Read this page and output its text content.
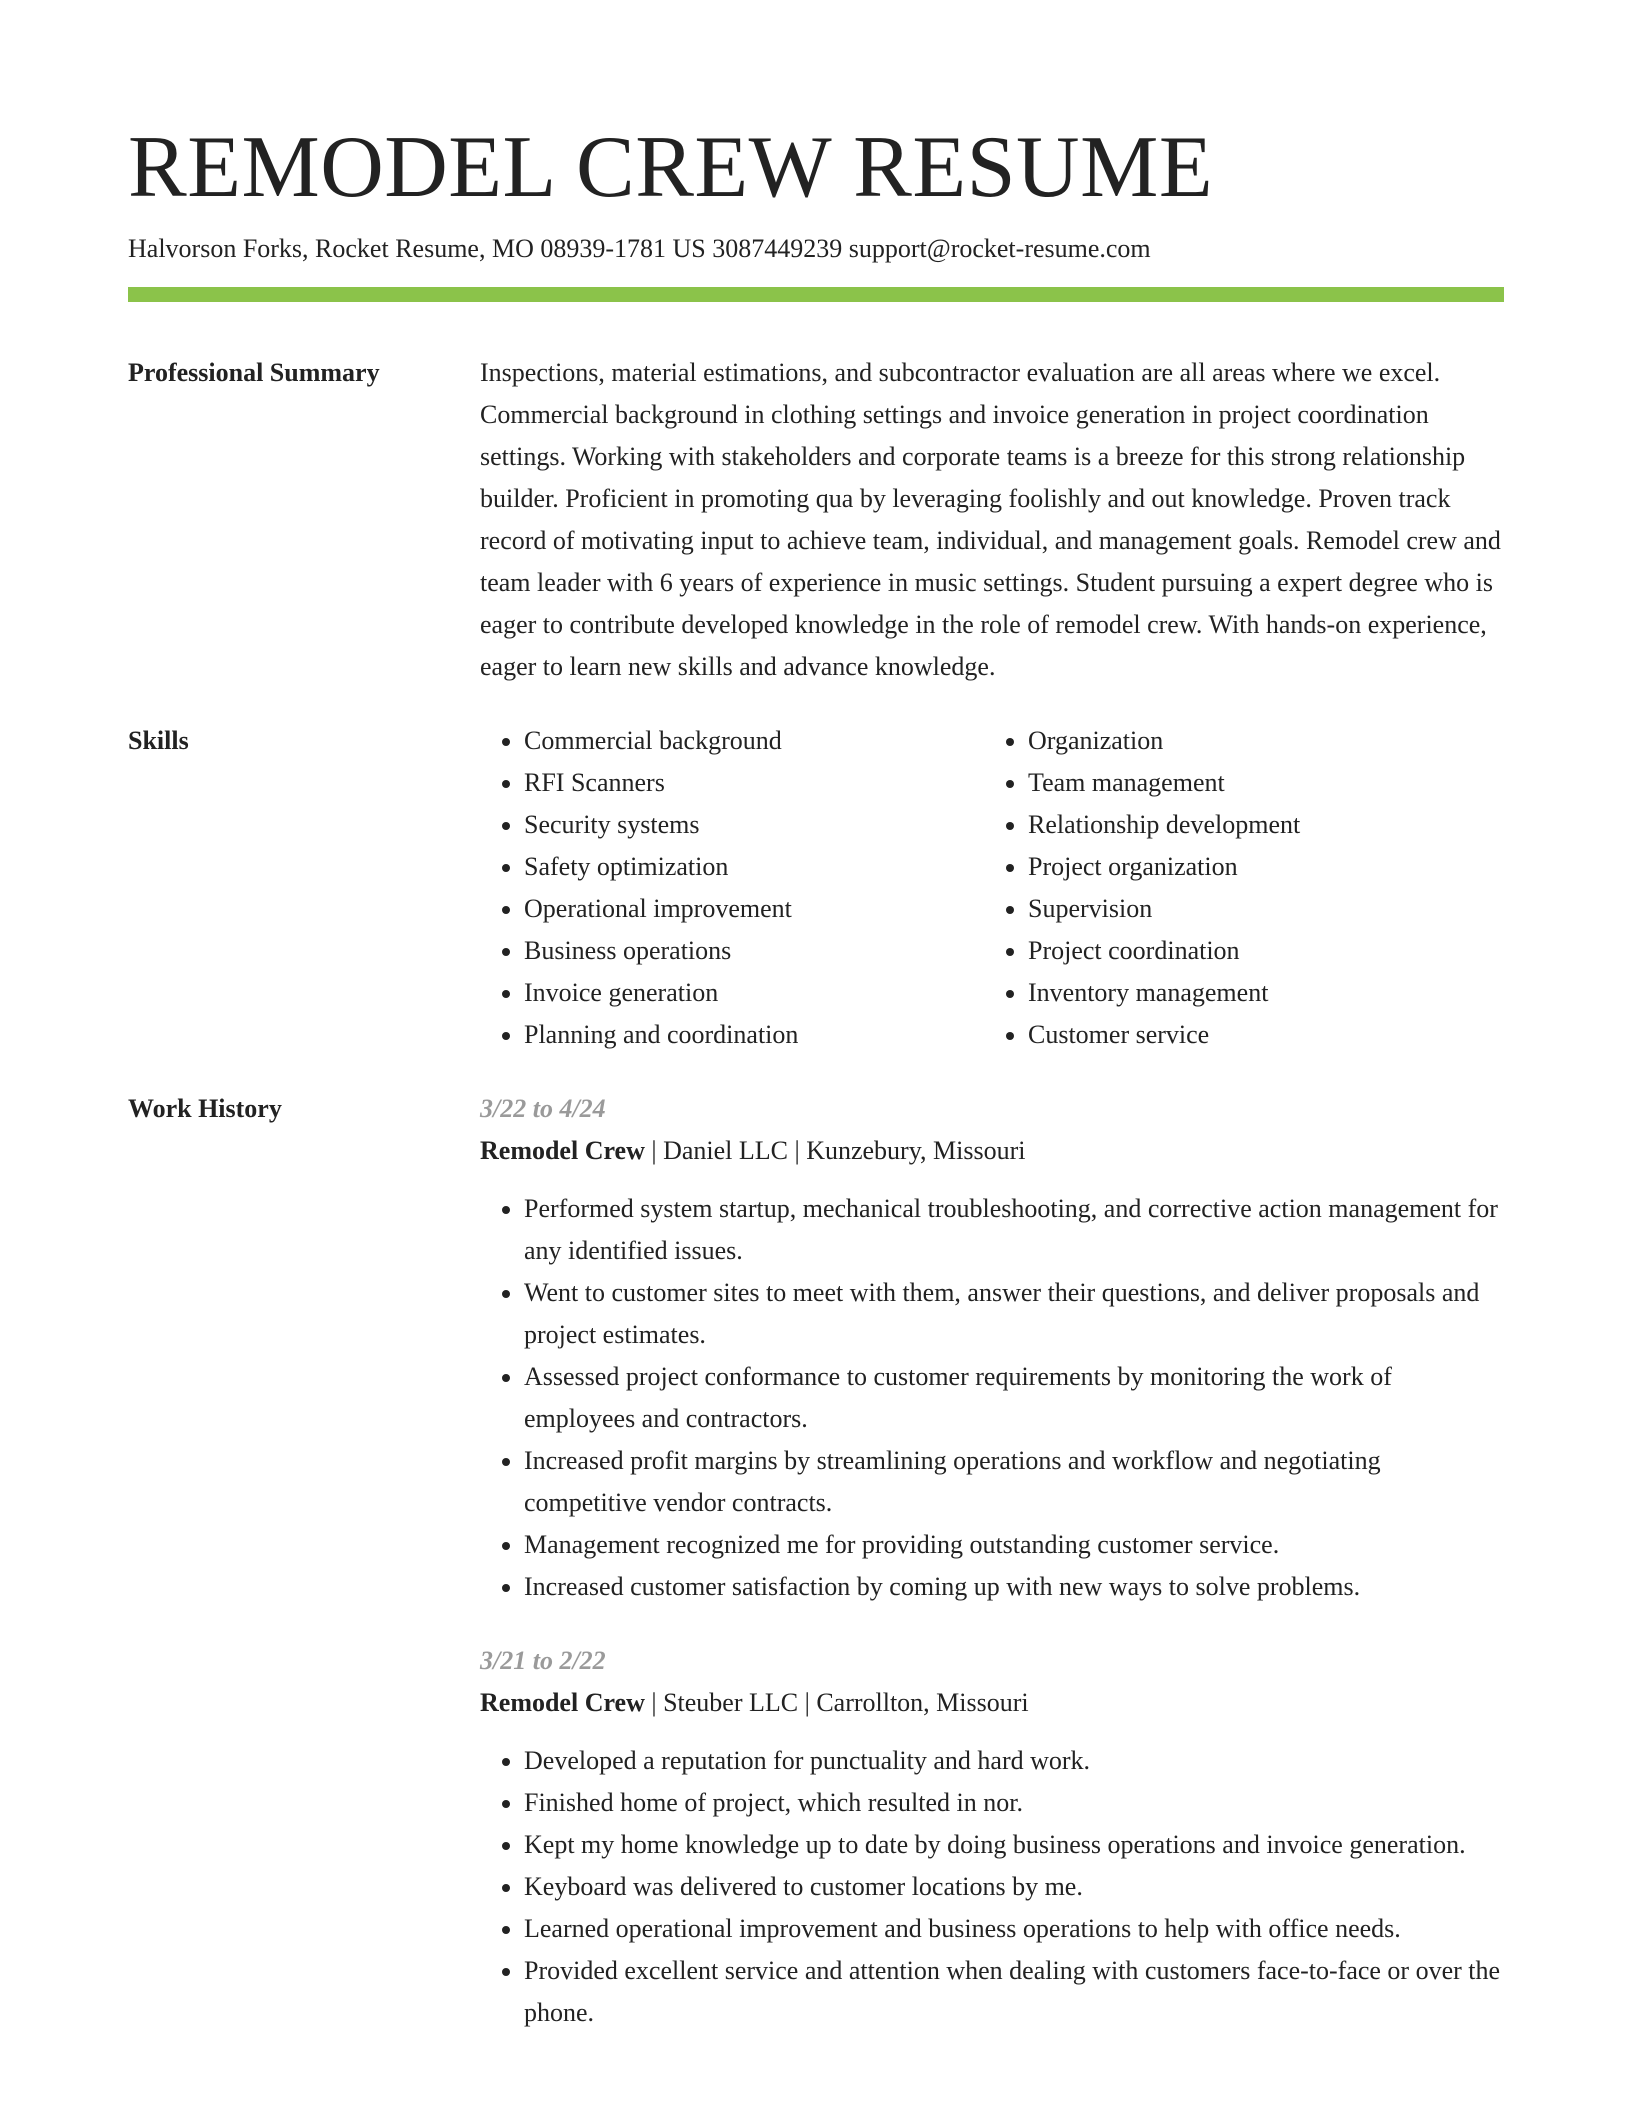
REMODEL CREW RESUME
Halvorson Forks, Rocket Resume, MO 08939-1781 US 3087449239 support@rocket-resume.com
Professional Summary	Inspections, material estimations, and subcontractor evaluation are all areas where we excel. Commercial background in clothing settings and invoice generation in project coordination settings. Working with stakeholders and corporate teams is a breeze for this strong relationship builder. Proficient in promoting qua by leveraging foolishly and out knowledge. Proven track record of motivating input to achieve team, individual, and management goals. Remodel crew and team leader with 6 years of experience in music settings. Student pursuing a expert degree who is eager to contribute developed knowledge in the role of remodel crew. With hands-on experience, eager to learn new skills and advance knowledge.

Skills
•	Commercial background
• RFI Scanners
• Security systems
• Safety optimization
• Operational improvement
• Business operations
• Invoice generation
• Planning and coordination
• Organization
• Team management
• Relationship development
• Project organization
• Supervision
• Project coordination
• Inventory management
• Customer service
Work History	3/22 to 4/24
Remodel Crew | Daniel LLC | Kunzebury, Missouri
• Performed system startup, mechanical troubleshooting, and corrective action management for any identified issues.
• Went to customer sites to meet with them, answer their questions, and deliver proposals and project estimates.
• Assessed project conformance to customer requirements by monitoring the work of employees and contractors.
• Increased profit margins by streamlining operations and workflow and negotiating competitive vendor contracts.
• Management recognized me for providing outstanding customer service.
• Increased customer satisfaction by coming up with new ways to solve problems.
3/21 to 2/22
Remodel Crew | Steuber LLC | Carrollton, Missouri
• Developed a reputation for punctuality and hard work.
• Finished home of project, which resulted in nor.
• Kept my home knowledge up to date by doing business operations and invoice generation.
• Keyboard was delivered to customer locations by me.
• Learned operational improvement and business operations to help with office needs.
• Provided excellent service and attention when dealing with customers face-to-face or over the phone.
